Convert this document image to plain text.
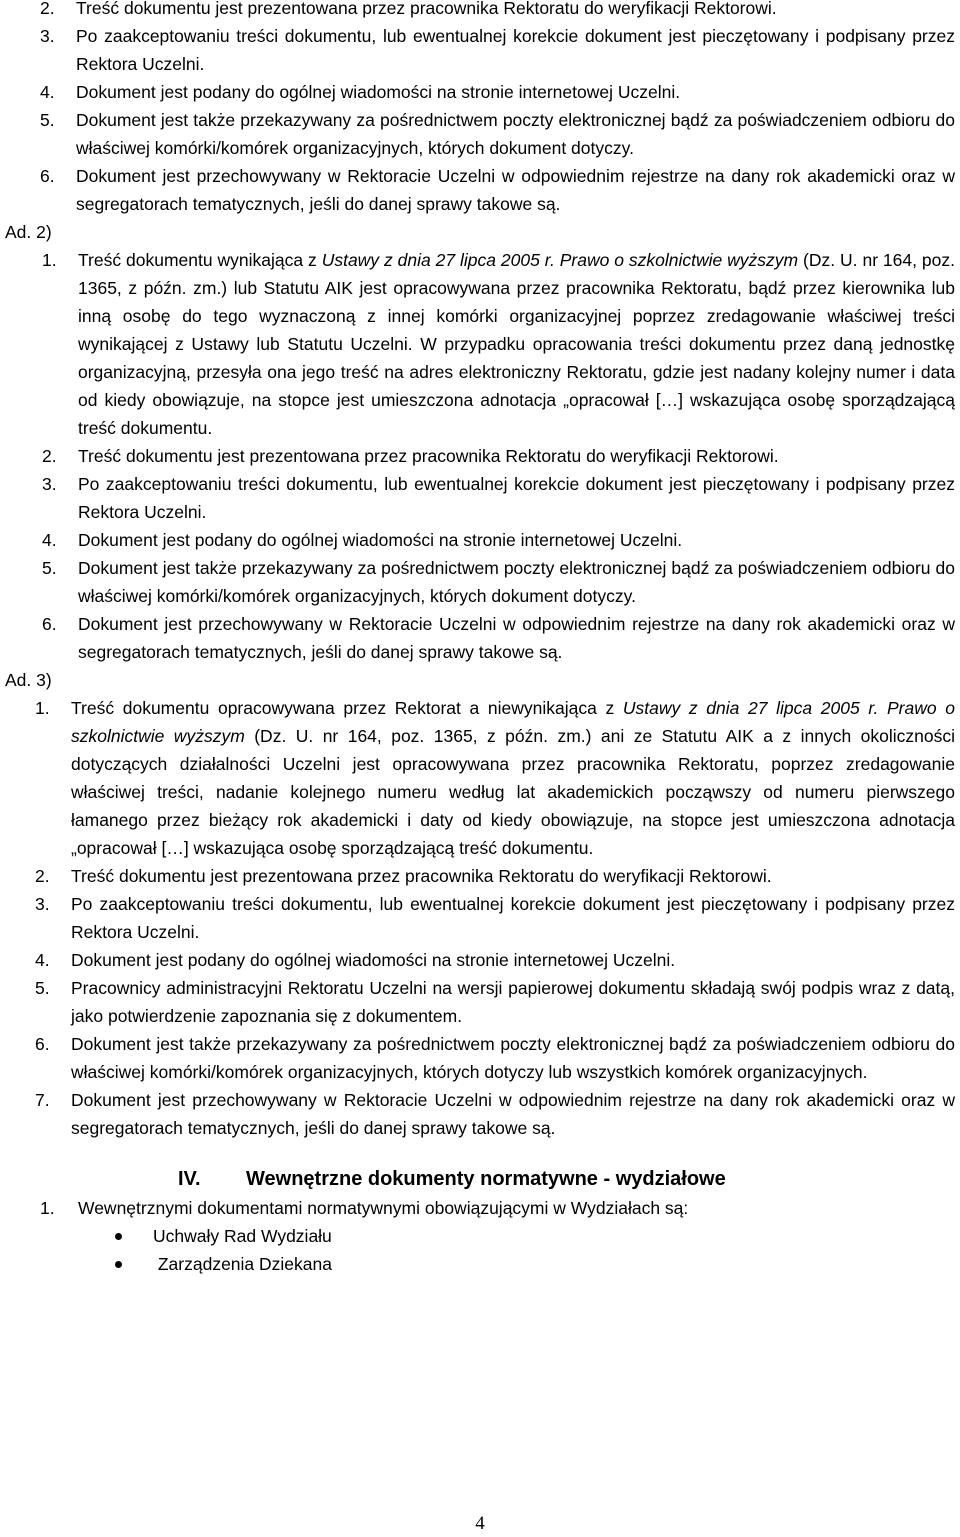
2. Treść dokumentu jest prezentowana przez pracownika Rektoratu do weryfikacji Rektorowi.
3. Po zaakceptowaniu treści dokumentu, lub ewentualnej korekcie dokument jest pieczętowany i podpisany przez Rektora Uczelni.
4. Dokument jest podany do ogólnej wiadomości na stronie internetowej Uczelni.
5. Dokument jest także przekazywany za pośrednictwem poczty elektronicznej bądź za poświadczeniem odbioru do właściwej komórki/komórek organizacyjnych, których dokument dotyczy.
6. Dokument jest przechowywany w Rektoracie Uczelni w odpowiednim rejestrze na dany rok akademicki oraz w segregatorach tematycznych, jeśli do danej sprawy takowe są.
Ad. 2)
1. Treść dokumentu wynikająca z Ustawy z dnia 27 lipca 2005 r. Prawo o szkolnictwie wyższym (Dz. U. nr 164, poz. 1365, z późn. zm.) lub Statutu AIK jest opracowywana przez pracownika Rektoratu, bądź przez kierownika lub inną osobę do tego wyznaczoną z innej komórki organizacyjnej poprzez zredagowanie właściwej treści wynikającej z Ustawy lub Statutu Uczelni. W przypadku opracowania treści dokumentu przez daną jednostkę organizacyjną, przesyła ona jego treść na adres elektroniczny Rektoratu, gdzie jest nadany kolejny numer i data od kiedy obowiązuje, na stopce jest umieszczona adnotacja „opracował […] wskazująca osobę sporządzającą treść dokumentu.
2. Treść dokumentu jest prezentowana przez pracownika Rektoratu do weryfikacji Rektorowi.
3. Po zaakceptowaniu treści dokumentu, lub ewentualnej korekcie dokument jest pieczętowany i podpisany przez Rektora Uczelni.
4. Dokument jest podany do ogólnej wiadomości na stronie internetowej Uczelni.
5. Dokument jest także przekazywany za pośrednictwem poczty elektronicznej bądź za poświadczeniem odbioru do właściwej komórki/komórek organizacyjnych, których dokument dotyczy.
6. Dokument jest przechowywany w Rektoracie Uczelni w odpowiednim rejestrze na dany rok akademicki oraz w segregatorach tematycznych, jeśli do danej sprawy takowe są.
Ad. 3)
1. Treść dokumentu opracowywana przez Rektorat a niewynikająca z Ustawy z dnia 27 lipca 2005 r. Prawo o szkolnictwie wyższym (Dz. U. nr 164, poz. 1365, z późn. zm.) ani ze Statutu AIK a z innych okoliczności dotyczących działalności Uczelni jest opracowywana przez pracownika Rektoratu, poprzez zredagowanie właściwej treści, nadanie kolejnego numeru według lat akademickich począwszy od numeru pierwszego łamanego przez bieżący rok akademicki i daty od kiedy obowiązuje, na stopce jest umieszczona adnotacja „opracował […] wskazująca osobę sporządzającą treść dokumentu.
2. Treść dokumentu jest prezentowana przez pracownika Rektoratu do weryfikacji Rektorowi.
3. Po zaakceptowaniu treści dokumentu, lub ewentualnej korekcie dokument jest pieczętowany i podpisany przez Rektora Uczelni.
4. Dokument jest podany do ogólnej wiadomości na stronie internetowej Uczelni.
5. Pracownicy administracyjni Rektoratu Uczelni na wersji papierowej dokumentu składają swój podpis wraz z datą, jako potwierdzenie zapoznania się z dokumentem.
6. Dokument jest także przekazywany za pośrednictwem poczty elektronicznej bądź za poświadczeniem odbioru do właściwej komórki/komórek organizacyjnych, których dotyczy lub wszystkich komórek organizacyjnych.
7. Dokument jest przechowywany w Rektoracie Uczelni w odpowiednim rejestrze na dany rok akademicki oraz w segregatorach tematycznych, jeśli do danej sprawy takowe są.
IV. Wewnętrzne dokumenty normatywne - wydziałowe
1. Wewnętrznymi dokumentami normatywnymi obowiązującymi w Wydziałach są:
Uchwały Rad Wydziału
Zarządzenia Dziekana
4
